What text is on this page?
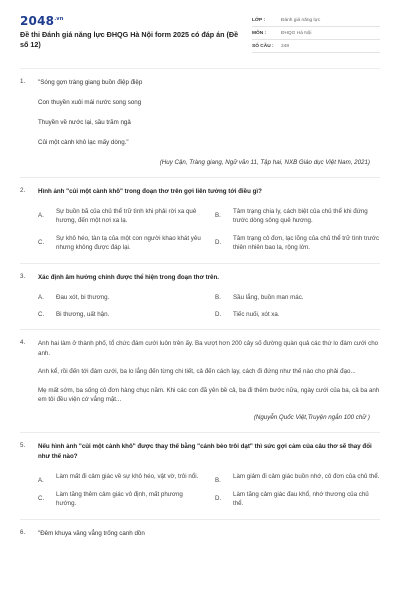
$2048^{.vn}$
Đề thi Đánh giá năng lực ĐHQG Hà Nội form 2025 có đáp án (Đề số 12)
LỚP :	Đánh giá năng lực
MÔN :	ĐHQG Hà Nội
SỐ CÂU :	248
1.	"Sóng gợn tràng giang buồn điệp điệp
Con thuyền xuôi mái nước song song
Thuyền về nước lại, sầu trăm ngả
Củi một cành khô lạc mấy dòng."
(Huy Cận, Tràng giang, Ngữ văn 11, Tập hai, NXB Giáo dục Việt Nam, 2021)
2.	Hình ảnh "củi một cành khô" trong đoạn thơ trên gợi liên tưởng tới điều gì?
A.
Sự buồn bã của chủ thể trữ tình khi phải rời xa quê hương, đến một nơi xa lạ.
B.
Tâm trạng chia ly, cách biệt của chủ thể khi đứng trước dòng sông quê hương.
C.
Sự khô héo, tàn tạ của một con người khao khát yêu nhưng không được đáp lại.
D.
Tâm trạng cô đơn, lạc lõng của chủ thể trữ tình trước thiên nhiên bao la, rộng lớn.
3.	Xác định âm hưởng chính được thể hiện trong đoạn thơ trên.
A. Đau xót, bi thương.	B. Sầu lắng, buồn man mác.
C. Bi thương, uất hận.	D. Tiếc nuối, xót xa.
4.	Anh hai làm ở thành phố, tổ chức đám cưới luôn trên ấy. Ba vượt hơn 200 cây số đường quàn quả các thứ lo đám cưới cho anh.
Anh kể, rồi đến tới đám cưới, ba lo lắng đến từng chi tiết, cả đến cách lạy, cách đi đứng như thế nào cho phải đạo...
Mẹ mất sớm, ba sống cô đơn hàng chục năm. Khi các con đã yên bề cả, ba đi thêm bước nữa, ngày cưới của ba, cả ba anh em tôi đều viện cớ vắng mặt...
(Nguyễn Quốc Việt,Truyện ngắn 100 chữ )
5.	Nếu hình ảnh "củi một cành khô" được thay thế bằng "cánh bèo trôi dạt" thì sức gợi cảm của câu thơ sẽ thay đổi như thế nào?
A.
Làm mất đi cảm giác về sự khô héo, vật vờ, trôi nổi.
B.
Làm giảm đi cảm giác buồn nhớ, cô đơn của chủ thể.
C.
Làm tăng thêm cảm giác vô định, mất phương hướng.
D.
Làm tăng cảm giác đau khổ, nhớ thương của chủ thể.
6.	"Đêm khuya văng vẳng trống canh dồn
